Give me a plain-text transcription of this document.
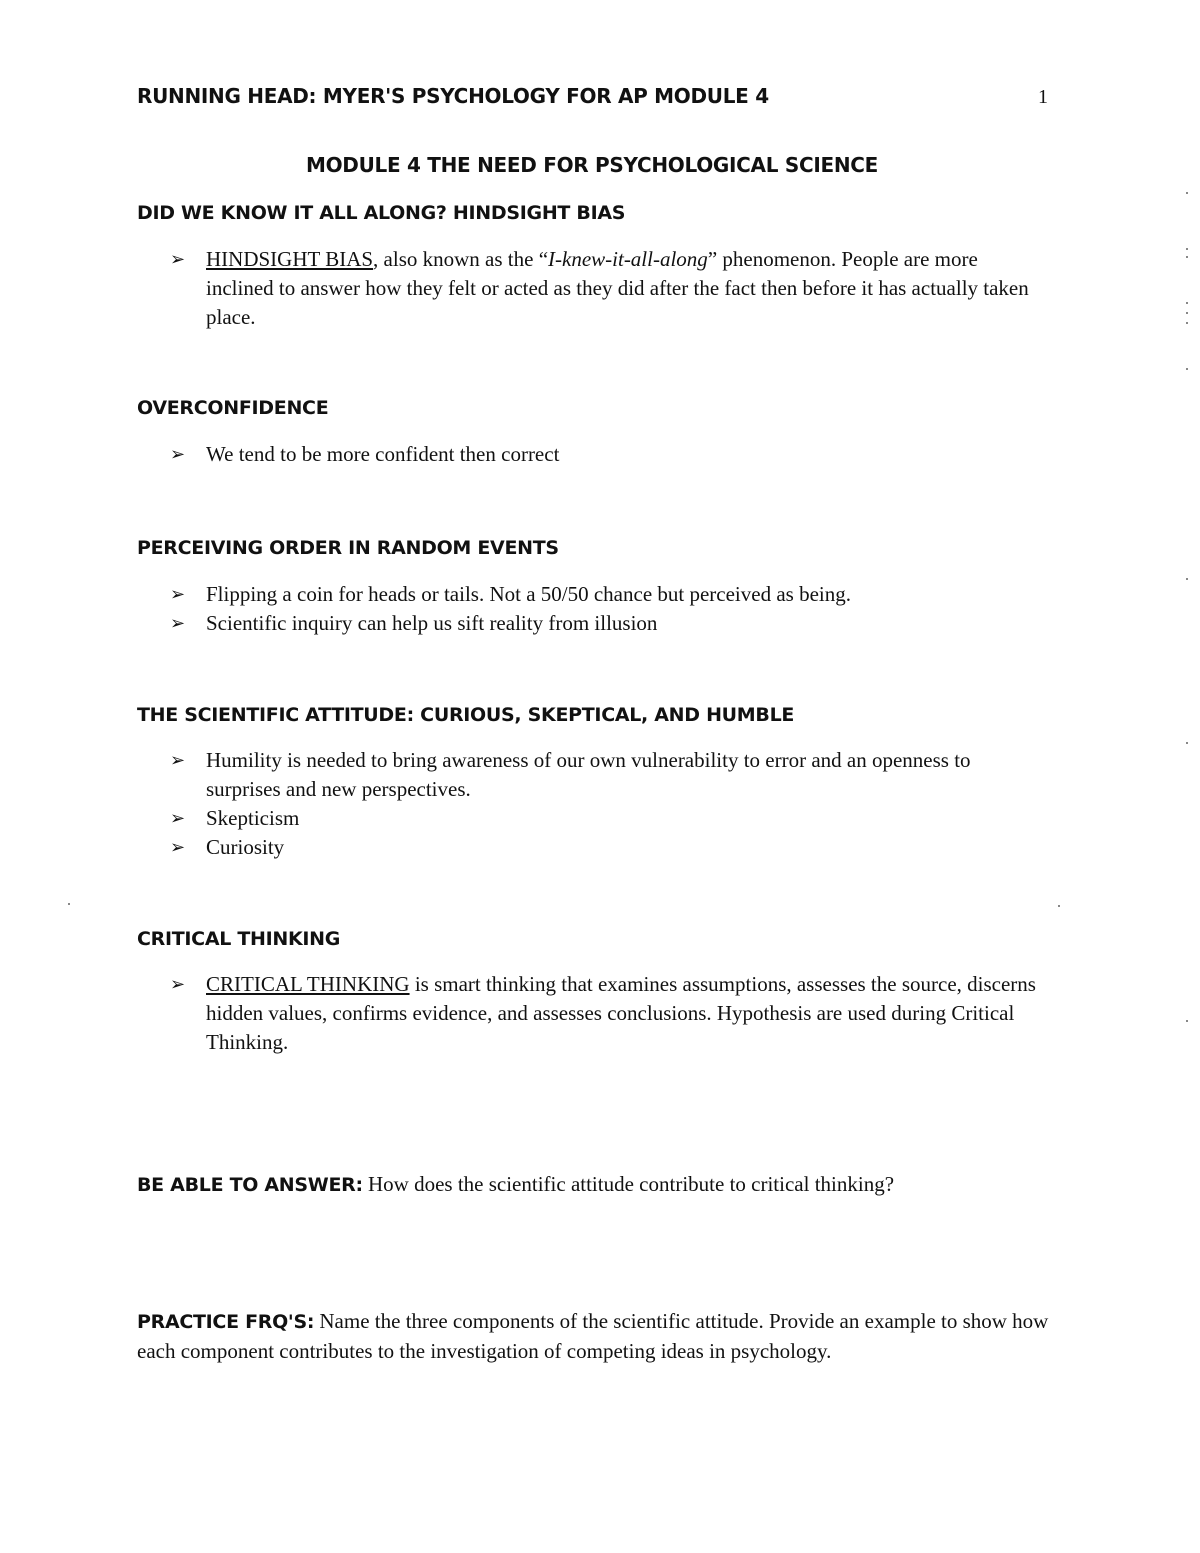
RUNNING HEAD: MYER'S PSYCHOLOGY FOR AP MODULE 4	1
MODULE 4 THE NEED FOR PSYCHOLOGICAL SCIENCE
DID WE KNOW IT ALL ALONG? HINDSIGHT BIAS
➢ HINDSIGHT BIAS, also known as the “I-knew-it-all-along” phenomenon. People are more inclined to answer how they felt or acted as they did after the fact then before it has actually taken place.
OVERCONFIDENCE
➢ We tend to be more confident then correct
PERCEIVING ORDER IN RANDOM EVENTS
➢ Flipping a coin for heads or tails. Not a 50/50 chance but perceived as being.
➢ Scientific inquiry can help us sift reality from illusion
THE SCIENTIFIC ATTITUDE: CURIOUS, SKEPTICAL, AND HUMBLE
➢ Humility is needed to bring awareness of our own vulnerability to error and an openness to surprises and new perspectives.
➢ Skepticism
➢ Curiosity
CRITICAL THINKING
➢ CRITICAL THINKING is smart thinking that examines assumptions, assesses the source, discerns hidden values, confirms evidence, and assesses conclusions. Hypothesis are used during Critical Thinking.
BE ABLE TO ANSWER: How does the scientific attitude contribute to critical thinking?
PRACTICE FRQ'S: Name the three components of the scientific attitude. Provide an example to show how each component contributes to the investigation of competing ideas in psychology.
